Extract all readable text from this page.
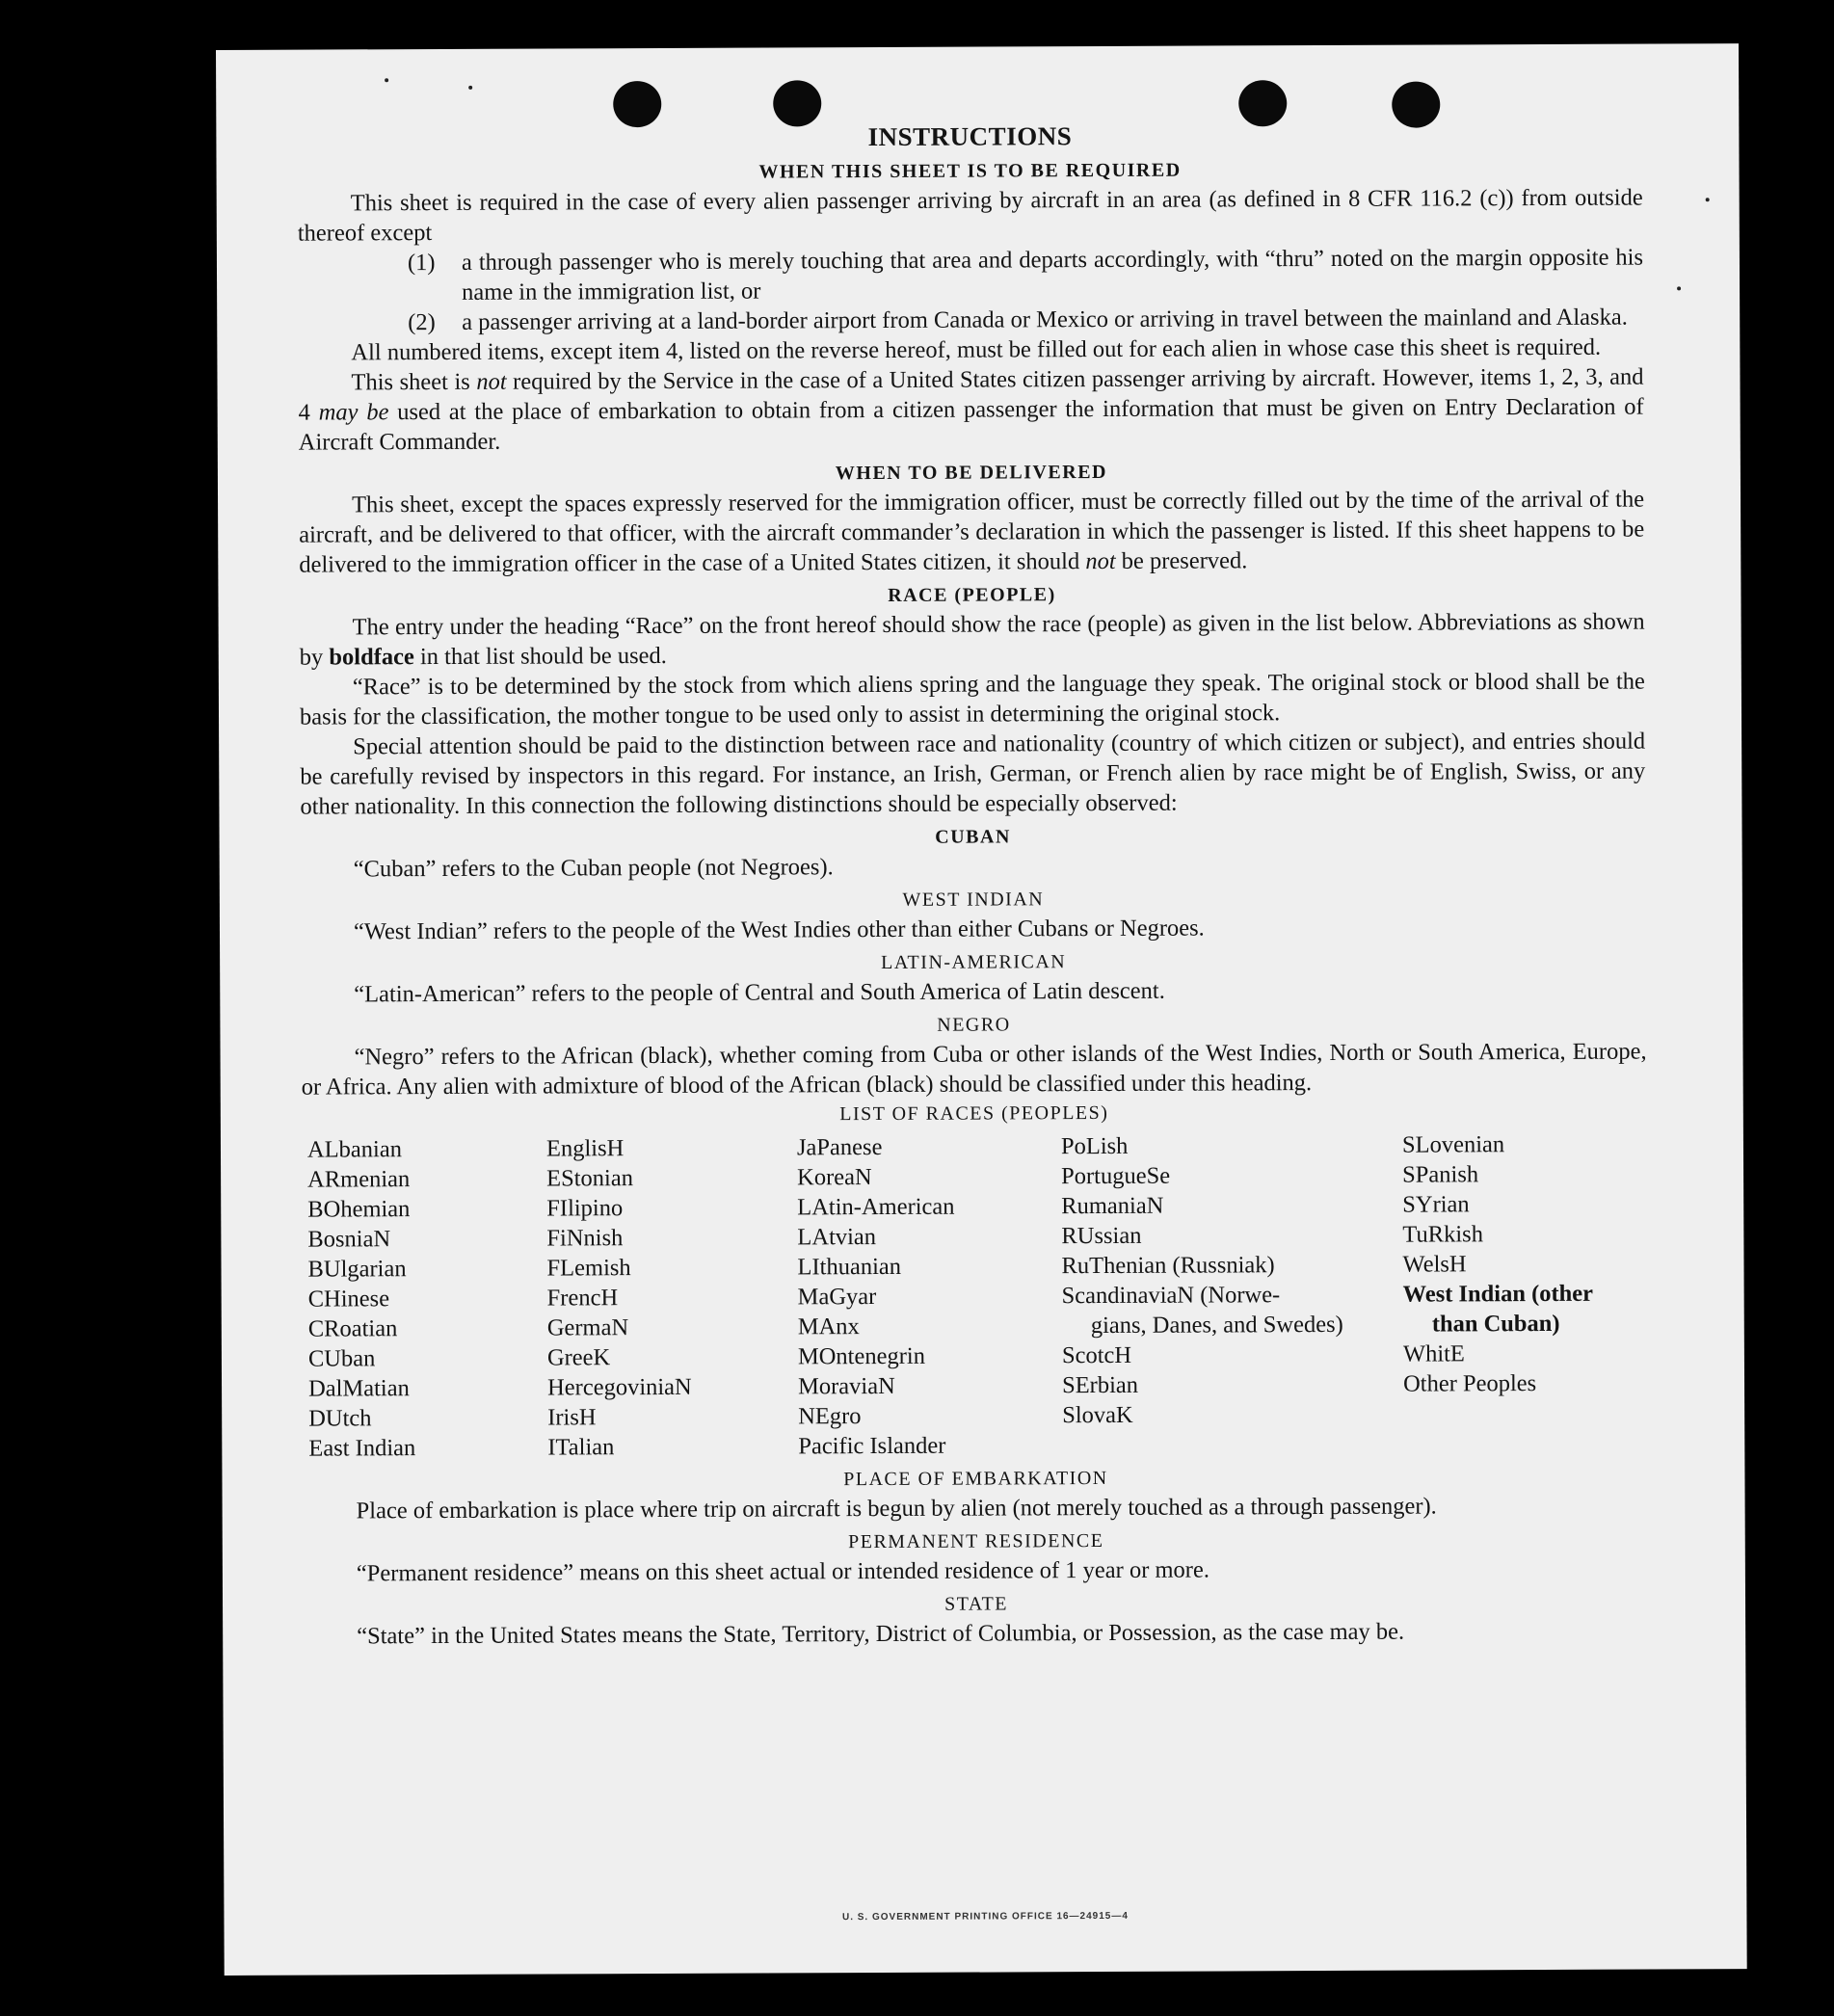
INSTRUCTIONS
WHEN THIS SHEET IS TO BE REQUIRED

This sheet is required in the case of every alien passenger arriving by aircraft in an area (as defined in 8 CFR 116.2 (c)) from outside thereof except

(1)	a through passenger who is merely touching that area and departs accordingly, with “thru” noted on the margin opposite his name in the immigration list, or
(2)	a passenger arriving at a land-border airport from Canada or Mexico or arriving in travel between the mainland and Alaska.

All numbered items, except item 4, listed on the reverse hereof, must be filled out for each alien in whose case this sheet is required.

This sheet is not required by the Service in the case of a United States citizen passenger arriving by aircraft. However, items 1, 2, 3, and 4 may be used at the place of embarkation to obtain from a citizen passenger the information that must be given on Entry Declaration of Aircraft Commander.

WHEN TO BE DELIVERED

This sheet, except the spaces expressly reserved for the immigration officer, must be correctly filled out by the time of the arrival of the aircraft, and be delivered to that officer, with the aircraft commander’s declaration in which the passenger is listed. If this sheet happens to be delivered to the immigration officer in the case of a United States citizen, it should not be preserved.

RACE (PEOPLE)

The entry under the heading “Race” on the front hereof should show the race (people) as given in the list below. Abbreviations as shown by boldface in that list should be used.

“Race” is to be determined by the stock from which aliens spring and the language they speak. The original stock or blood shall be the basis for the classification, the mother tongue to be used only to assist in determining the original stock.

Special attention should be paid to the distinction between race and nationality (country of which citizen or subject), and entries should be carefully revised by inspectors in this regard. For instance, an Irish, German, or French alien by race might be of English, Swiss, or any other nationality. In this connection the following distinctions should be especially observed:

CUBAN

“Cuban” refers to the Cuban people (not Negroes).

WEST INDIAN

“West Indian” refers to the people of the West Indies other than either Cubans or Negroes.

LATIN-AMERICAN

“Latin-American” refers to the people of Central and South America of Latin descent.

NEGRO

“Negro” refers to the African (black), whether coming from Cuba or other islands of the West Indies, North or South America, Europe, or Africa. Any alien with admixture of blood of the African (black) should be classified under this heading.

LIST OF RACES (PEOPLES)
ALbanian
ARmenian
BOhemian
BosniaN
BUlgarian
CHinese
CRoatian
CUban
DalMatian
DUtch
East Indian
EnglisH
EStonian
FIlipino
FiNnish
FLemish
FrencH
GermaN
GreeK
HercegoviniaN
IrisH
ITalian
JaPanese
KoreaN
LAtin-American
LAtvian
LIthuanian
MaGyar
MAnx
MOntenegrin
MoraviaN
NEgro
Pacific Islander
PoLish
PortugueSe
RumaniaN
RUssian
RuThenian (Russniak)
ScandinaviaN (Norwe-
gians, Danes, and Swedes)
ScotcH
SErbian
SlovaK
SLovenian
SPanish
SYrian
TuRkish
WelsH
West Indian (other
than Cuban)
WhitE
Other Peoples
PLACE OF EMBARKATION

Place of embarkation is place where trip on aircraft is begun by alien (not merely touched as a through passenger).

PERMANENT RESIDENCE

“Permanent residence” means on this sheet actual or intended residence of 1 year or more.

STATE

“State” in the United States means the State, Territory, District of Columbia, or Possession, as the case may be.

U. S. GOVERNMENT PRINTING OFFICE 16—24915—4
